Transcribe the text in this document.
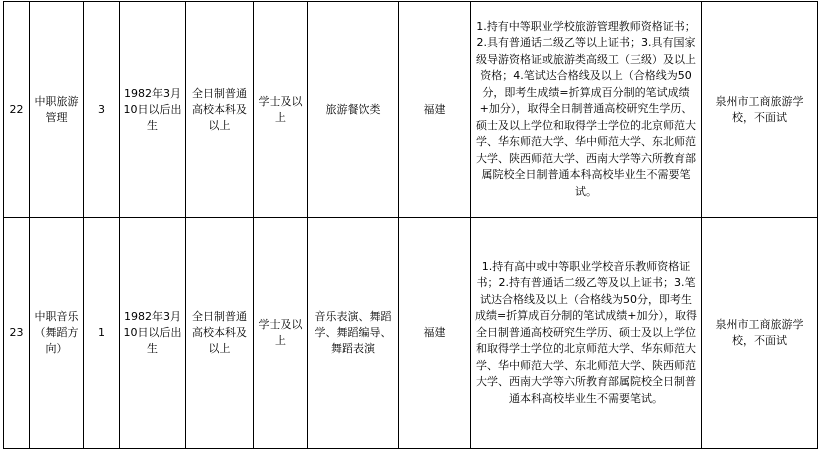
22	中职旅游管理	3	1982年3月10日以后出生	全日制普通高校本科及以上	学士及以上	旅游餐饮类	福建	1.持有中等职业学校旅游管理教师资格证书；2.具有普通话二级乙等以上证书；3.具有国家级导游资格证或旅游类高级工（三级）及以上资格；4.笔试达合格线及以上（合格线为50分，即考生成绩=折算成百分制的笔试成绩+加分），取得全日制普通高校研究生学历、硕士及以上学位和取得学士学位的北京师范大学、华东师范大学、华中师范大学、东北师范大学、陕西师范大学、西南大学等六所教育部属院校全日制普通本科高校毕业生不需要笔试。	泉州市工商旅游学校，不面试
23	中职音乐（舞蹈方向）	1	1982年3月10日以后出生	全日制普通高校本科及以上	学士及以上	音乐表演、舞蹈学、舞蹈编导、舞蹈表演	福建	1.持有高中或中等职业学校音乐教师资格证书；2.持有普通话二级乙等及以上证书；3.笔试达合格线及以上（合格线为50分，即考生成绩=折算成百分制的笔试成绩+加分），取得全日制普通高校研究生学历、硕士及以上学位和取得学士学位的北京师范大学、华东师范大学、华中师范大学、东北师范大学、陕西师范大学、西南大学等六所教育部属院校全日制普通本科高校毕业生不需要笔试。	泉州市工商旅游学校，不面试
